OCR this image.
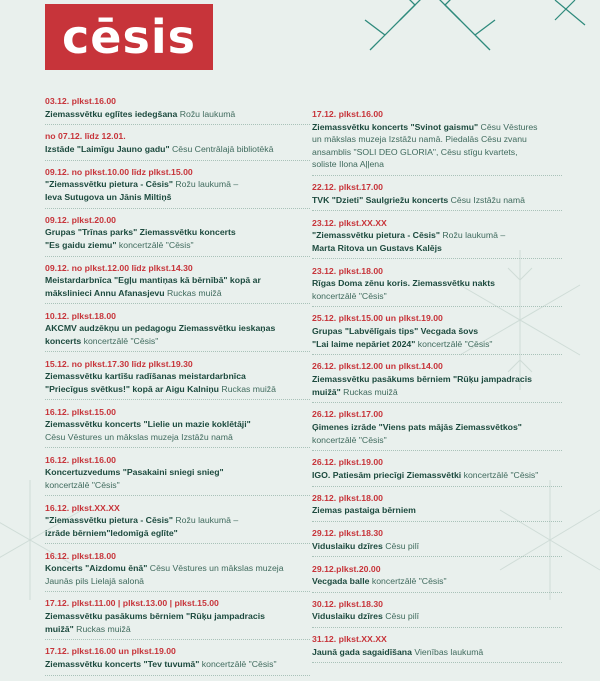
cēsis
03.12. plkst.16.00
Ziemassvētku eglītes iedegšana Rožu laukumā
no 07.12. līdz 12.01.
Izstāde "Laimīgu Jauno gadu" Cēsu Centrālajā bibliotēkā
09.12. no plkst.10.00 līdz plkst.15.00
"Ziemassvētku pietura - Cēsis" Rožu laukumā –
Ieva Sutugova un Jānis Miltiņš
09.12. plkst.20.00
Grupas "Trīnas parks" Ziemassvētku koncerts
"Es gaidu ziemu" koncertzālē "Cēsis"
09.12. no plkst.12.00 līdz plkst.14.30
Meistardarbnīca "Egļu mantiņas kā bērnībā" kopā ar
mākslinieci Annu Afanasjevu Ruckas muižā
10.12. plkst.18.00
AKCMV audzēkņu un pedagogu Ziemassvētku ieskaņas
koncerts koncertzālē "Cēsis"
15.12. no plkst.17.30 līdz plkst.19.30
Ziemassvētku kartīšu radīšanas meistardarbnīca
"Priecīgus svētkus!" kopā ar Aigu Kalniņu Ruckas muižā
16.12. plkst.15.00
Ziemassvētku koncerts "Lielie un mazie koklētāji"
Cēsu Vēstures un mākslas muzeja Izstāžu namā
16.12. plkst.16.00
Koncertuzvedums "Pasakaini sniegi snieg"
koncertzālē "Cēsis"
16.12. plkst.XX.XX
"Ziemassvētku pietura - Cēsis" Rožu laukumā –
izrāde bērniem"Iedomīgā eglīte"
16.12. plkst.18.00
Koncerts "Aizdomu ēnā" Cēsu Vēstures un mākslas muzeja
Jaunās pils Lielajā salonā
17.12. plkst.11.00 | plkst.13.00 | plkst.15.00
Ziemassvētku pasākums bērniem "Rūķu jampadracis
muižā" Ruckas muižā
17.12. plkst.16.00 un plkst.19.00
Ziemassvētku koncerts "Tev tuvumā" koncertzālē "Cēsis"
17.12. plkst.16.00
Ziemassvētku koncerts "Svinot gaismu" Cēsu Vēstures
un mākslas muzeja Izstāžu namā. Piedalās Cēsu zvanu
ansamblis "SOLI DEO GLORIA", Cēsu stīgu kvartets,
soliste Ilona Aļļena
22.12. plkst.17.00
TVK "Dzieti" Saulgriežu koncerts Cēsu Izstāžu namā
23.12. plkst.XX.XX
"Ziemassvētku pietura - Cēsis" Rožu laukumā –
Marta Ritova un Gustavs Kalējs
23.12. plkst.18.00
Rīgas Doma zēnu koris. Ziemassvētku nakts
koncertzālē "Cēsis"
25.12. plkst.15.00 un plkst.19.00
Grupas "Labvēlīgais tips" Vecgada šovs
"Lai laime nepāriet 2024" koncertzālē "Cēsis"
26.12. plkst.12.00 un plkst.14.00
Ziemassvētku pasākums bērniem "Rūķu jampadracis
muižā" Ruckas muižā
26.12. plkst.17.00
Ģimenes izrāde "Viens pats mājās Ziemassvētkos"
koncertzālē "Cēsis"
26.12. plkst.19.00
IGO. Patiesām priecīgi Ziemassvētki koncertzālē "Cēsis"
28.12. plkst.18.00
Ziemas pastaiga bērniem
29.12. plkst.18.30
Viduslaiku dzīres Cēsu pilī
29.12.plkst.20.00
Vecgada balle koncertzālē "Cēsis"
30.12. plkst.18.30
Viduslaiku dzīres Cēsu pilī
31.12. plkst.XX.XX
Jaunā gada sagaidīšana Vienības laukumā
